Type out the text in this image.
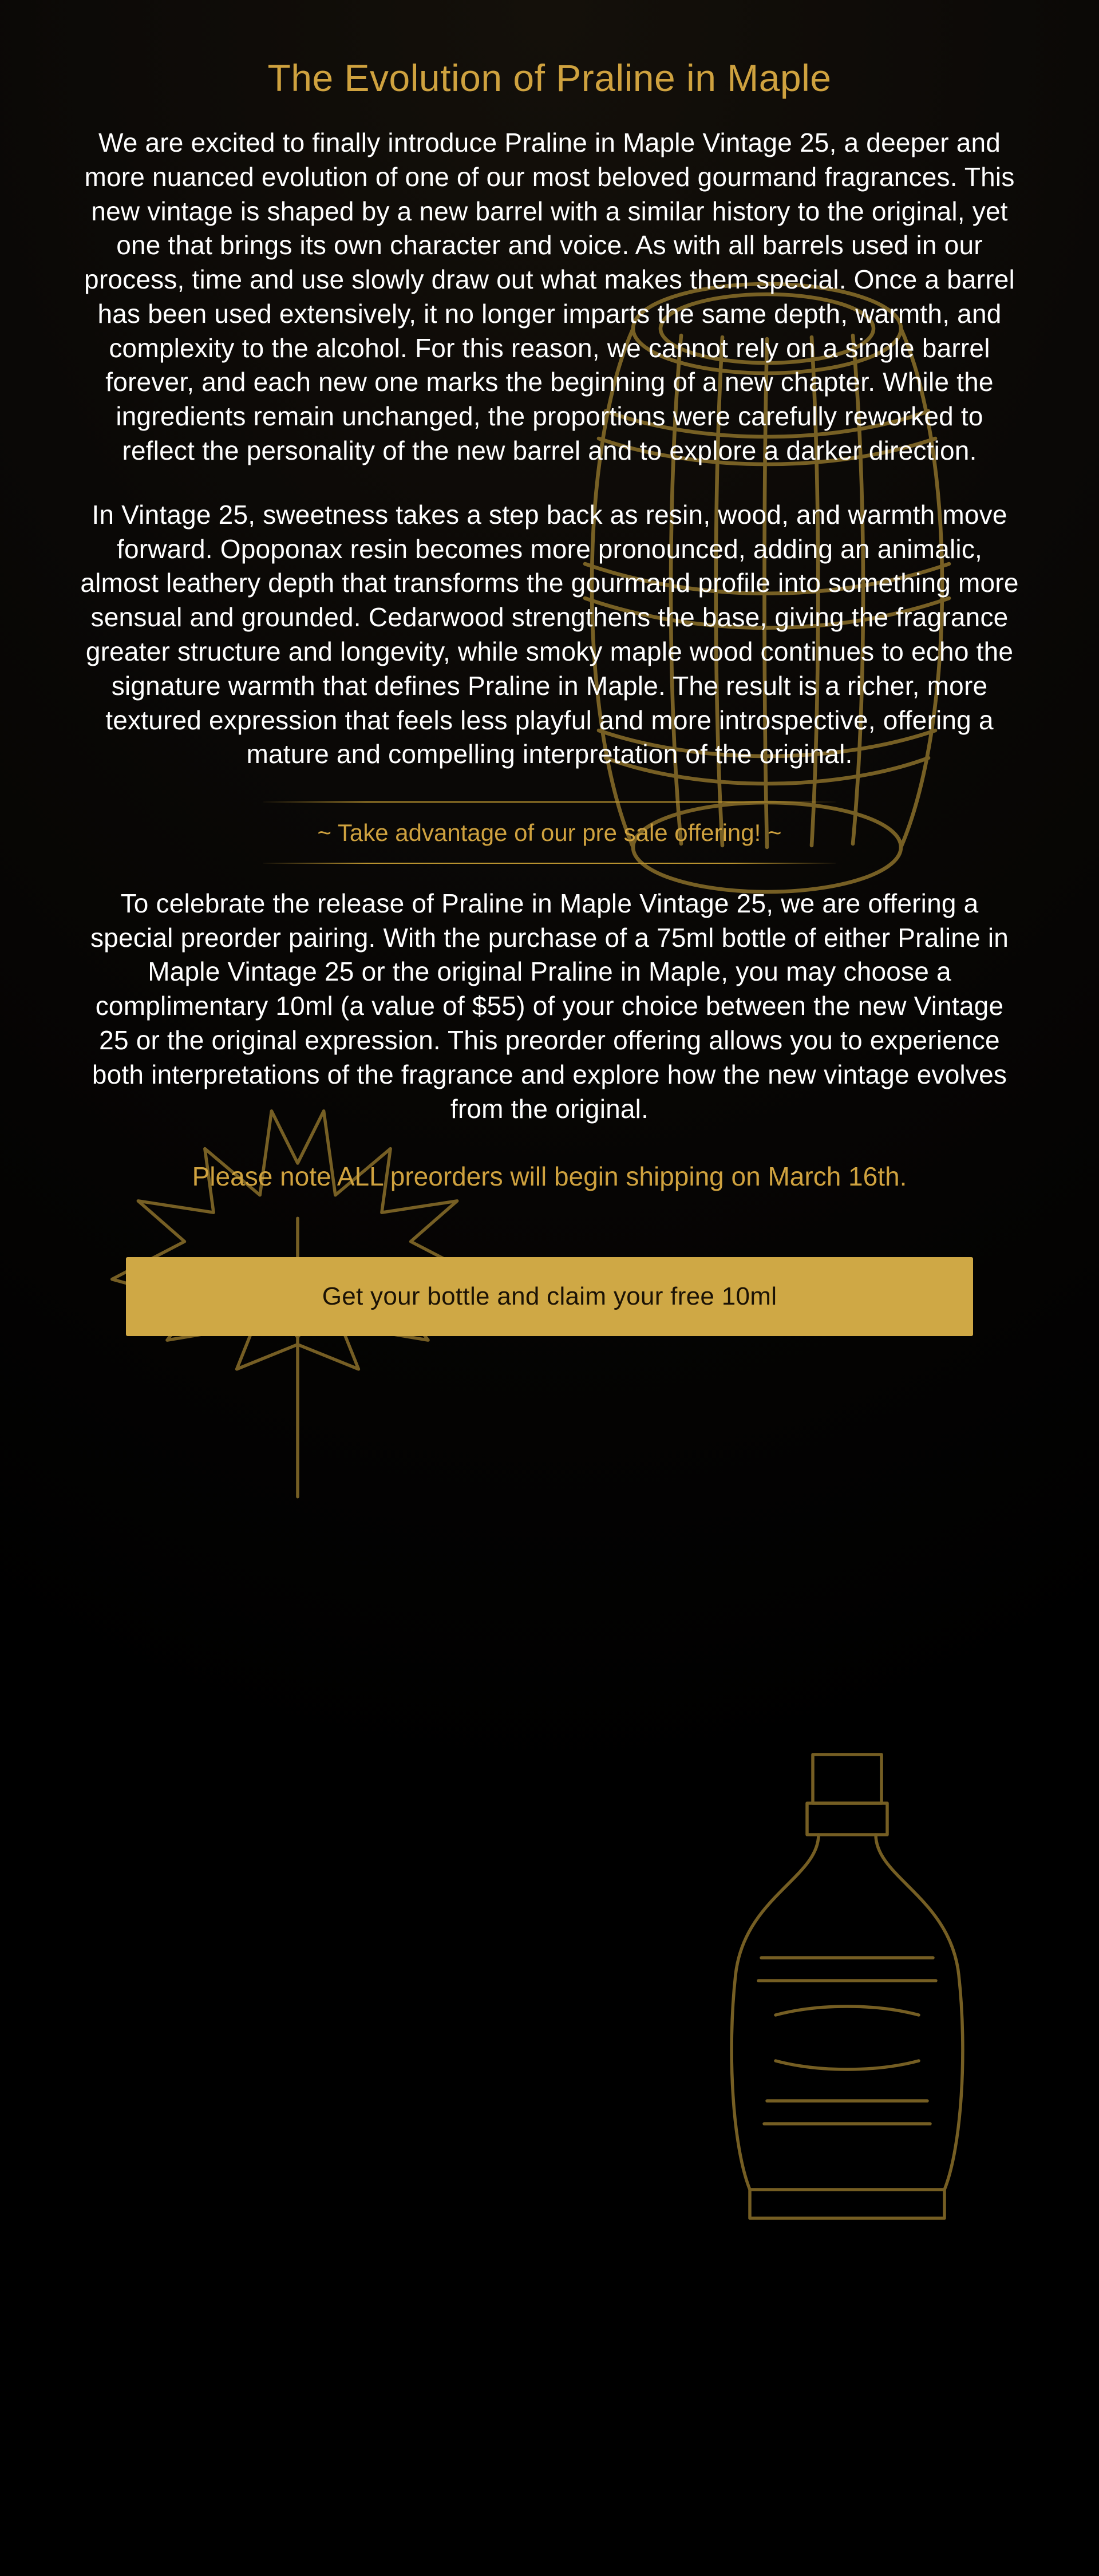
The Evolution of Praline in Maple

We are excited to finally introduce Praline in Maple Vintage 25, a deeper and more nuanced evolution of one of our most beloved gourmand fragrances. This new vintage is shaped by a new barrel with a similar history to the original, yet one that brings its own character and voice. As with all barrels used in our process, time and use slowly draw out what makes them special. Once a barrel has been used extensively, it no longer imparts the same depth, warmth, and complexity to the alcohol. For this reason, we cannot rely on a single barrel forever, and each new one marks the beginning of a new chapter. While the ingredients remain unchanged, the proportions were carefully reworked to reflect the personality of the new barrel and to explore a darker direction.

In Vintage 25, sweetness takes a step back as resin, wood, and warmth move forward. Opoponax resin becomes more pronounced, adding an animalic, almost leathery depth that transforms the gourmand profile into something more sensual and grounded. Cedarwood strengthens the base, giving the fragrance greater structure and longevity, while smoky maple wood continues to echo the signature warmth that defines Praline in Maple. The result is a richer, more textured expression that feels less playful and more introspective, offering a mature and compelling interpretation of the original.

~ Take advantage of our pre sale offering! ~

To celebrate the release of Praline in Maple Vintage 25, we are offering a special preorder pairing. With the purchase of a 75ml bottle of either Praline in Maple Vintage 25 or the original Praline in Maple, you may choose a complimentary 10ml (a value of $55) of your choice between the new Vintage 25 or the original expression. This preorder offering allows you to experience both interpretations of the fragrance and explore how the new vintage evolves from the original.

Please note ALL preorders will begin shipping on March 16th.

Get your bottle and claim your free 10ml
